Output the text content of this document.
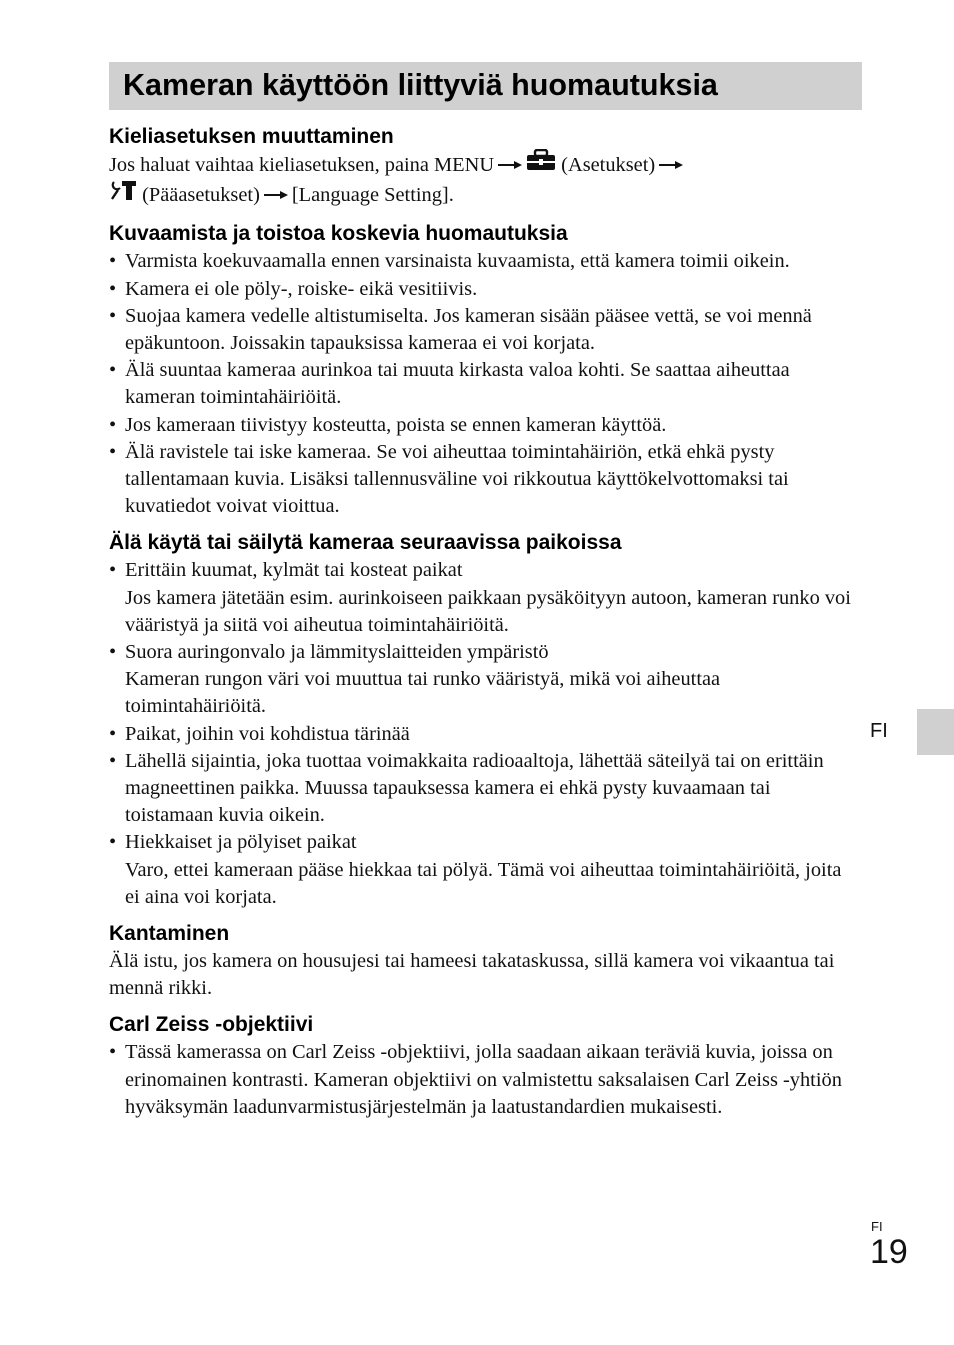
Kameran käyttöön liittyviä huomautuksia
Kieliasetuksen muuttaminen

Jos haluat vaihtaa kieliasetuksen, paina MENU	(Asetukset)

(Pääasetukset) [Language Setting].

Kuvaamista ja toistoa koskevia huomautuksia
• Varmista koekuvaamalla ennen varsinaista kuvaamista, että kamera toimii oikein.
• Kamera ei ole pöly-, roiske- eikä vesitiivis.
• Suojaa kamera vedelle altistumiselta. Jos kameran sisään pääsee vettä, se voi mennä epäkuntoon. Joissakin tapauksissa kameraa ei voi korjata.
• Älä suuntaa kameraa aurinkoa tai muuta kirkasta valoa kohti. Se saattaa aiheuttaa kameran toimintahäiriöitä.
• Jos kameraan tiivistyy kosteutta, poista se ennen kameran käyttöä.
• Älä ravistele tai iske kameraa. Se voi aiheuttaa toimintahäiriön, etkä ehkä pysty tallentamaan kuvia. Lisäksi tallennusväline voi rikkoutua käyttökelvottomaksi tai kuvatiedot voivat vioittua.
Älä käytä tai säilytä kameraa seuraavissa paikoissa
• Erittäin kuumat, kylmät tai kosteat paikat
Jos kamera jätetään esim. aurinkoiseen paikkaan pysäköityyn autoon, kameran runko voi vääristyä ja siitä voi aiheutua toimintahäiriöitä.
• Suora auringonvalo ja lämmityslaitteiden ympäristö
Kameran rungon väri voi muuttua tai runko vääristyä, mikä voi aiheuttaa toimintahäiriöitä.
• Paikat, joihin voi kohdistua tärinää
• Lähellä sijaintia, joka tuottaa voimakkaita radioaaltoja, lähettää säteilyä tai on erittäin magneettinen paikka. Muussa tapauksessa kamera ei ehkä pysty kuvaamaan tai toistamaan kuvia oikein.
• Hiekkaiset ja pölyiset paikat
Varo, ettei kameraan pääse hiekkaa tai pölyä. Tämä voi aiheuttaa toimintahäiriöitä, joita ei aina voi korjata.
Kantaminen

Älä istu, jos kamera on housujesi tai hameesi takataskussa, sillä kamera voi vikaantua tai mennä rikki.

Carl Zeiss -objektiivi
• Tässä kamerassa on Carl Zeiss -objektiivi, jolla saadaan aikaan teräviä kuvia, joissa on erinomainen kontrasti. Kameran objektiivi on valmistettu saksalaisen Carl Zeiss -yhtiön hyväksymän laadunvarmistusjärjestelmän ja laatustandardien mukaisesti.
FI
FI
19
